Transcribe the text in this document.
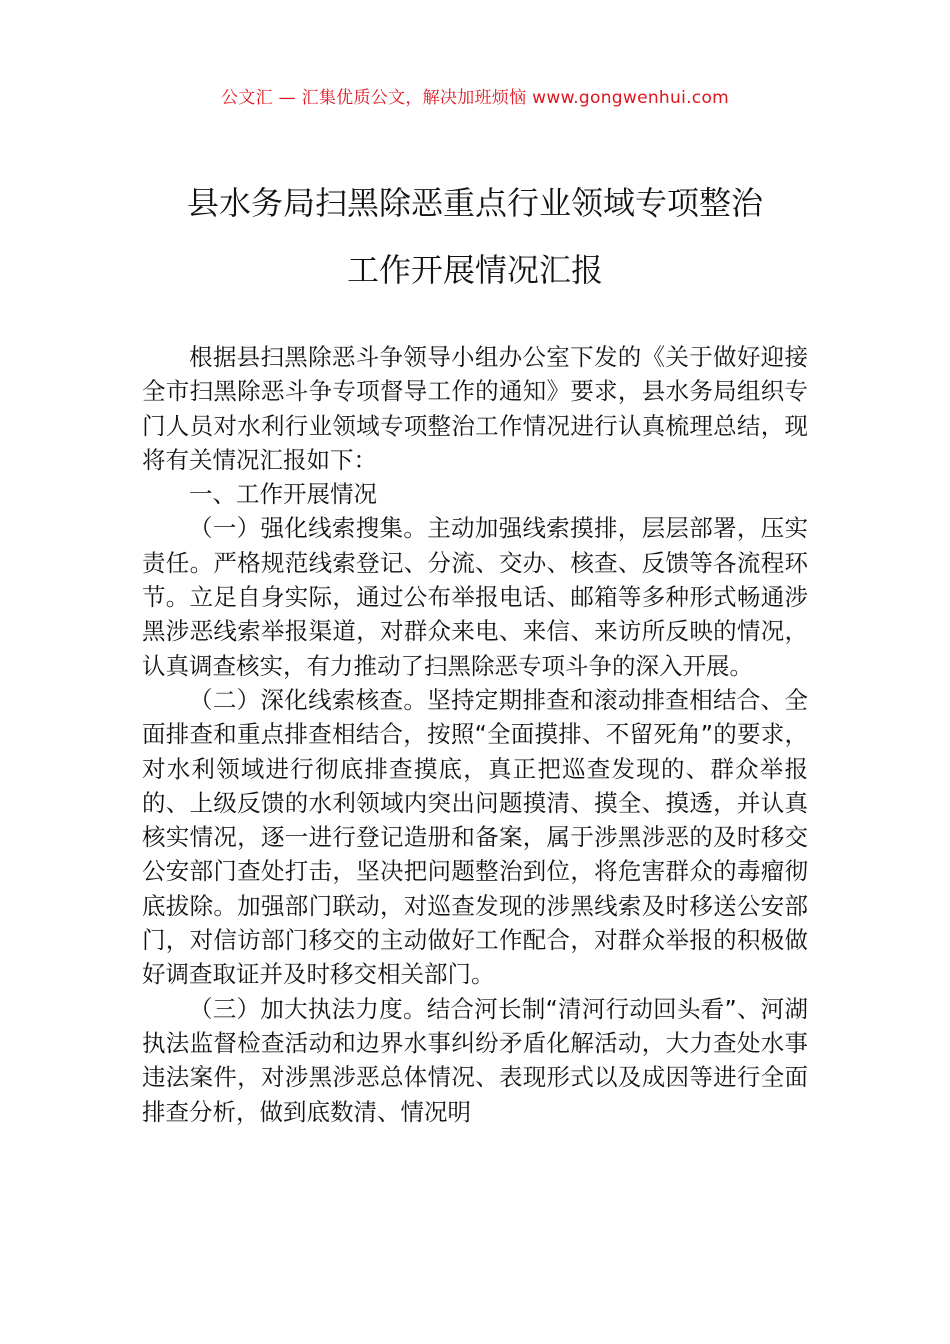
公文汇 — 汇集优质公文，解决加班烦恼 www.gongwenhui.com
县水务局扫黑除恶重点行业领域专项整治
工作开展情况汇报

根据县扫黑除恶斗争领导小组办公室下发的《关于做好迎接全市扫黑除恶斗争专项督导工作的通知》要求，县水务局组织专门人员对水利行业领域专项整治工作情况进行认真梳理总结，现将有关情况汇报如下：

一、工作开展情况

（一）强化线索搜集。主动加强线索摸排，层层部署，压实责任。严格规范线索登记、分流、交办、核查、反馈等各流程环节。立足自身实际，通过公布举报电话、邮箱等多种形式畅通涉黑涉恶线索举报渠道，对群众来电、来信、来访所反映的情况，认真调查核实，有力推动了扫黑除恶专项斗争的深入开展。

（二）深化线索核查。坚持定期排查和滚动排查相结合、全面排查和重点排查相结合，按照“全面摸排、不留死角”的要求，对水利领域进行彻底排查摸底，真正把巡查发现的、群众举报的、上级反馈的水利领域内突出问题摸清、摸全、摸透，并认真核实情况，逐一进行登记造册和备案，属于涉黑涉恶的及时移交公安部门查处打击，坚决把问题整治到位，将危害群众的毒瘤彻底拔除。加强部门联动，对巡查发现的涉黑线索及时移送公安部门，对信访部门移交的主动做好工作配合，对群众举报的积极做好调查取证并及时移交相关部门。

（三）加大执法力度。结合河长制“清河行动回头看”、河湖执法监督检查活动和边界水事纠纷矛盾化解活动，大力查处水事违法案件，对涉黑涉恶总体情况、表现形式以及成因等进行全面排查分析，做到底数清、情况明
